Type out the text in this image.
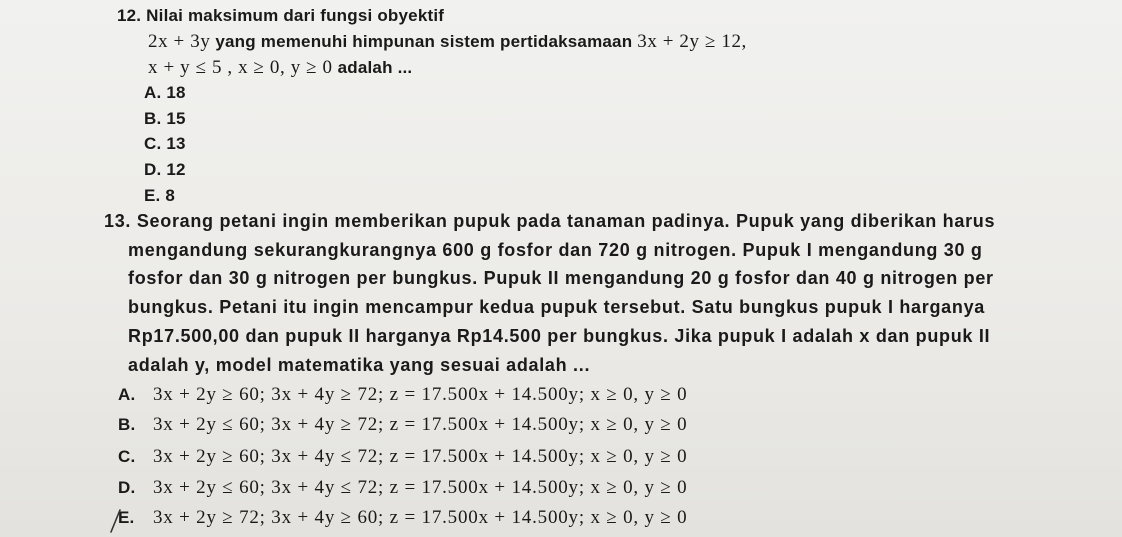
12. Nilai maksimum dari fungsi obyektif
2x + 3y yang memenuhi himpunan sistem pertidaksamaan 3x + 2y ≥ 12,
x + y ≤ 5 , x ≥ 0, y ≥ 0 adalah ...
A. 18
B. 15
C. 13
D. 12
E. 8
13. Seorang petani ingin memberikan pupuk pada tanaman padinya. Pupuk yang diberikan harus
mengandung sekurangkurangnya 600 g fosfor dan 720 g nitrogen. Pupuk I mengandung 30 g
fosfor dan 30 g nitrogen per bungkus. Pupuk II mengandung 20 g fosfor dan 40 g nitrogen per
bungkus. Petani itu ingin mencampur kedua pupuk tersebut. Satu bungkus pupuk I harganya
Rp17.500,00 dan pupuk II harganya Rp14.500 per bungkus. Jika pupuk I adalah x dan pupuk II
adalah y, model matematika yang sesuai adalah ...
A. 3x + 2y ≥ 60; 3x + 4y ≥ 72; z = 17.500x + 14.500y; x ≥ 0, y ≥ 0
B. 3x + 2y ≤ 60; 3x + 4y ≥ 72; z = 17.500x + 14.500y; x ≥ 0, y ≥ 0
C. 3x + 2y ≥ 60; 3x + 4y ≤ 72; z = 17.500x + 14.500y; x ≥ 0, y ≥ 0
D. 3x + 2y ≤ 60; 3x + 4y ≤ 72; z = 17.500x + 14.500y; x ≥ 0, y ≥ 0
E. 3x + 2y ≥ 72; 3x + 4y ≥ 60; z = 17.500x + 14.500y; x ≥ 0, y ≥ 0
